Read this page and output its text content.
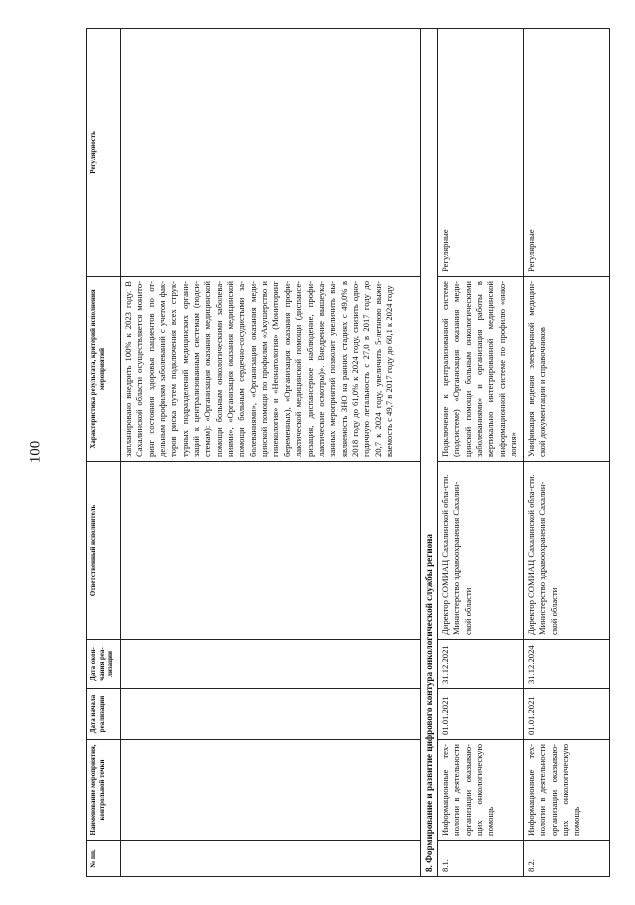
100
№ пп.	Наименование мероприятия, контрольной точки	Дата начала реализации	Дата окон-чания реа-лизации	Ответственный исполнитель	Характеристика результата, критерий исполнения мероприятий	Регулярность
					запланировано внедрить 100% к 2023 году. В Сахалинской области осуществляется монито-ринг состояния здоровья пациентов по от-дельным профилям заболеваний с учетом фак-торов риска путем подключения всех струк-турных подразделений медицинских органи-заций к централизованным системам (подси-стемам): «Организация оказания медицинской помощи больным онкологическими заболева-ниями», «Организация оказания медицинской помощи больным сердечно-сосудистыми за-болеваниями», «Организации оказания меди-цинской помощи по профилям «Акушерство и гинекология» и «Неонатология» (Мониторинг беременных), «Организация оказания профи-лактической медицинской помощи (диспансе-ризация, диспансерное наблюдение, профи-лактические осмотры)». Внедрение вышеука-занных мероприятий позволит увеличить вы-являемость ЗНО на ранних стадиях с 49,0% в 2018 году до 61,0% к 2024 году, снизить одно-годичную летальность с 27,0 в 2017 году до 20,7 к 2024 году, увеличить 5-летнюю выжи-ваемость с 49,7 в 2017 году до 60,1 к 2024 году	
8. Формирование и развитие цифрового контура онкологической службы региона						
8.1.	Информационные тех-нологии в деятельности организации оказываю-щих онкологическую помощь	01.01.2021	31.12.2021	Директор СОМИАЦ Сахалинской обла-сти. Министерство здравоохранения Сахалин-ской области	Подключение к централизованной системе (подсистеме) «Организация оказания меди-цинской помощи больным онкологическими заболеваниями» и организация работы в вертикально интегрированной медицинской информационной системе по профилю «онко-логия»	Регулярные
8.2.	Информационные тех-нологии в деятельности организации оказываю-щих онкологическую помощь	01.01.2021	31.12.2024	Директор СОМИАЦ Сахалинской обла-сти. Министерство здравоохранения Сахалин-ской области	Унификация ведения электронной медицин-ской документации и справочников	Регулярные
